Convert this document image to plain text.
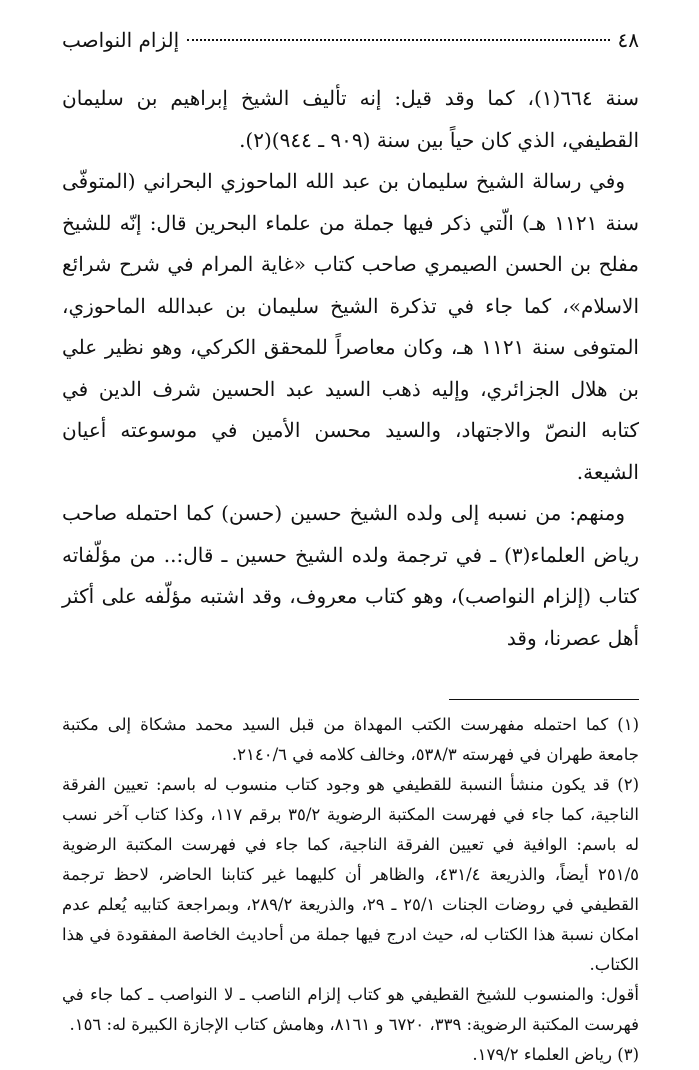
٤٨
إلزام النواصب

سنة ٦٦٤(١)، كما وقد قيل: إنه تأليف الشيخ إبراهيم بن سليمان القطيفي، الذي كان حياً بين سنة (٩٠٩ ـ ٩٤٤)(٢).

وفي رسالة الشيخ سليمان بن عبد الله الماحوزي البحراني (المتوفّى سنة ١١٢١ هـ) الّتي ذكر فيها جملة من علماء البحرين قال: إنّه للشيخ مفلح بن الحسن الصيمري صاحب كتاب «غاية المرام في شرح شرائع الاسلام»، كما جاء في تذكرة الشيخ سليمان بن عبدالله الماحوزي، المتوفى سنة ١١٢١ هـ، وكان معاصراً للمحقق الكركي، وهو نظير علي بن هلال الجزائري، وإليه ذهب السيد عبد الحسين شرف الدين في كتابه النصّ والاجتهاد، والسيد محسن الأمين في موسوعته أعيان الشيعة.

ومنهم: من نسبه إلى ولده الشيخ حسين (حسن) كما احتمله صاحب رياض العلماء(٣) ـ في ترجمة ولده الشيخ حسين ـ قال:.. من مؤلّفاته كتاب (إلزام النواصب)، وهو كتاب معروف، وقد اشتبه مؤلّفه على أكثر أهل عصرنا، وقد

(١) كما احتمله مفهرست الكتب المهداة من قبل السيد محمد مشكاة إلى مكتبة جامعة طهران في فهرسته ٥٣٨/٣، وخالف كلامه في ٢١٤٠/٦.

(٢) قد يكون منشأ النسبة للقطيفي هو وجود كتاب منسوب له باسم: تعيين الفرقة الناجية، كما جاء في فهرست المكتبة الرضوية ٣٥/٢ برقم ١١٧، وكذا كتاب آخر نسب له باسم: الوافية في تعيين الفرقة الناجية، كما جاء في فهرست المكتبة الرضوية ٢٥١/٥ أيضاً، والذريعة ٤٣١/٤، والظاهر أن كليهما غير كتابنا الحاضر، لاحظ ترجمة القطيفي في روضات الجنات ٢٥/١ ـ ٢٩، والذريعة ٢٨٩/٢، وبمراجعة كتابيه يُعلم عدم امكان نسبة هذا الكتاب له، حيث ادرج فيها جملة من أحاديث الخاصة المفقودة في هذا الكتاب.

أقول: والمنسوب للشيخ القطيفي هو كتاب إلزام الناصب ـ لا النواصب ـ كما جاء في فهرست المكتبة الرضوية: ٣٣٩، ٦٧٢٠ و ٨١٦١، وهامش كتاب الإجازة الكبيرة له: ١٥٦.

(٣) رياض العلماء ١٧٩/٢.
